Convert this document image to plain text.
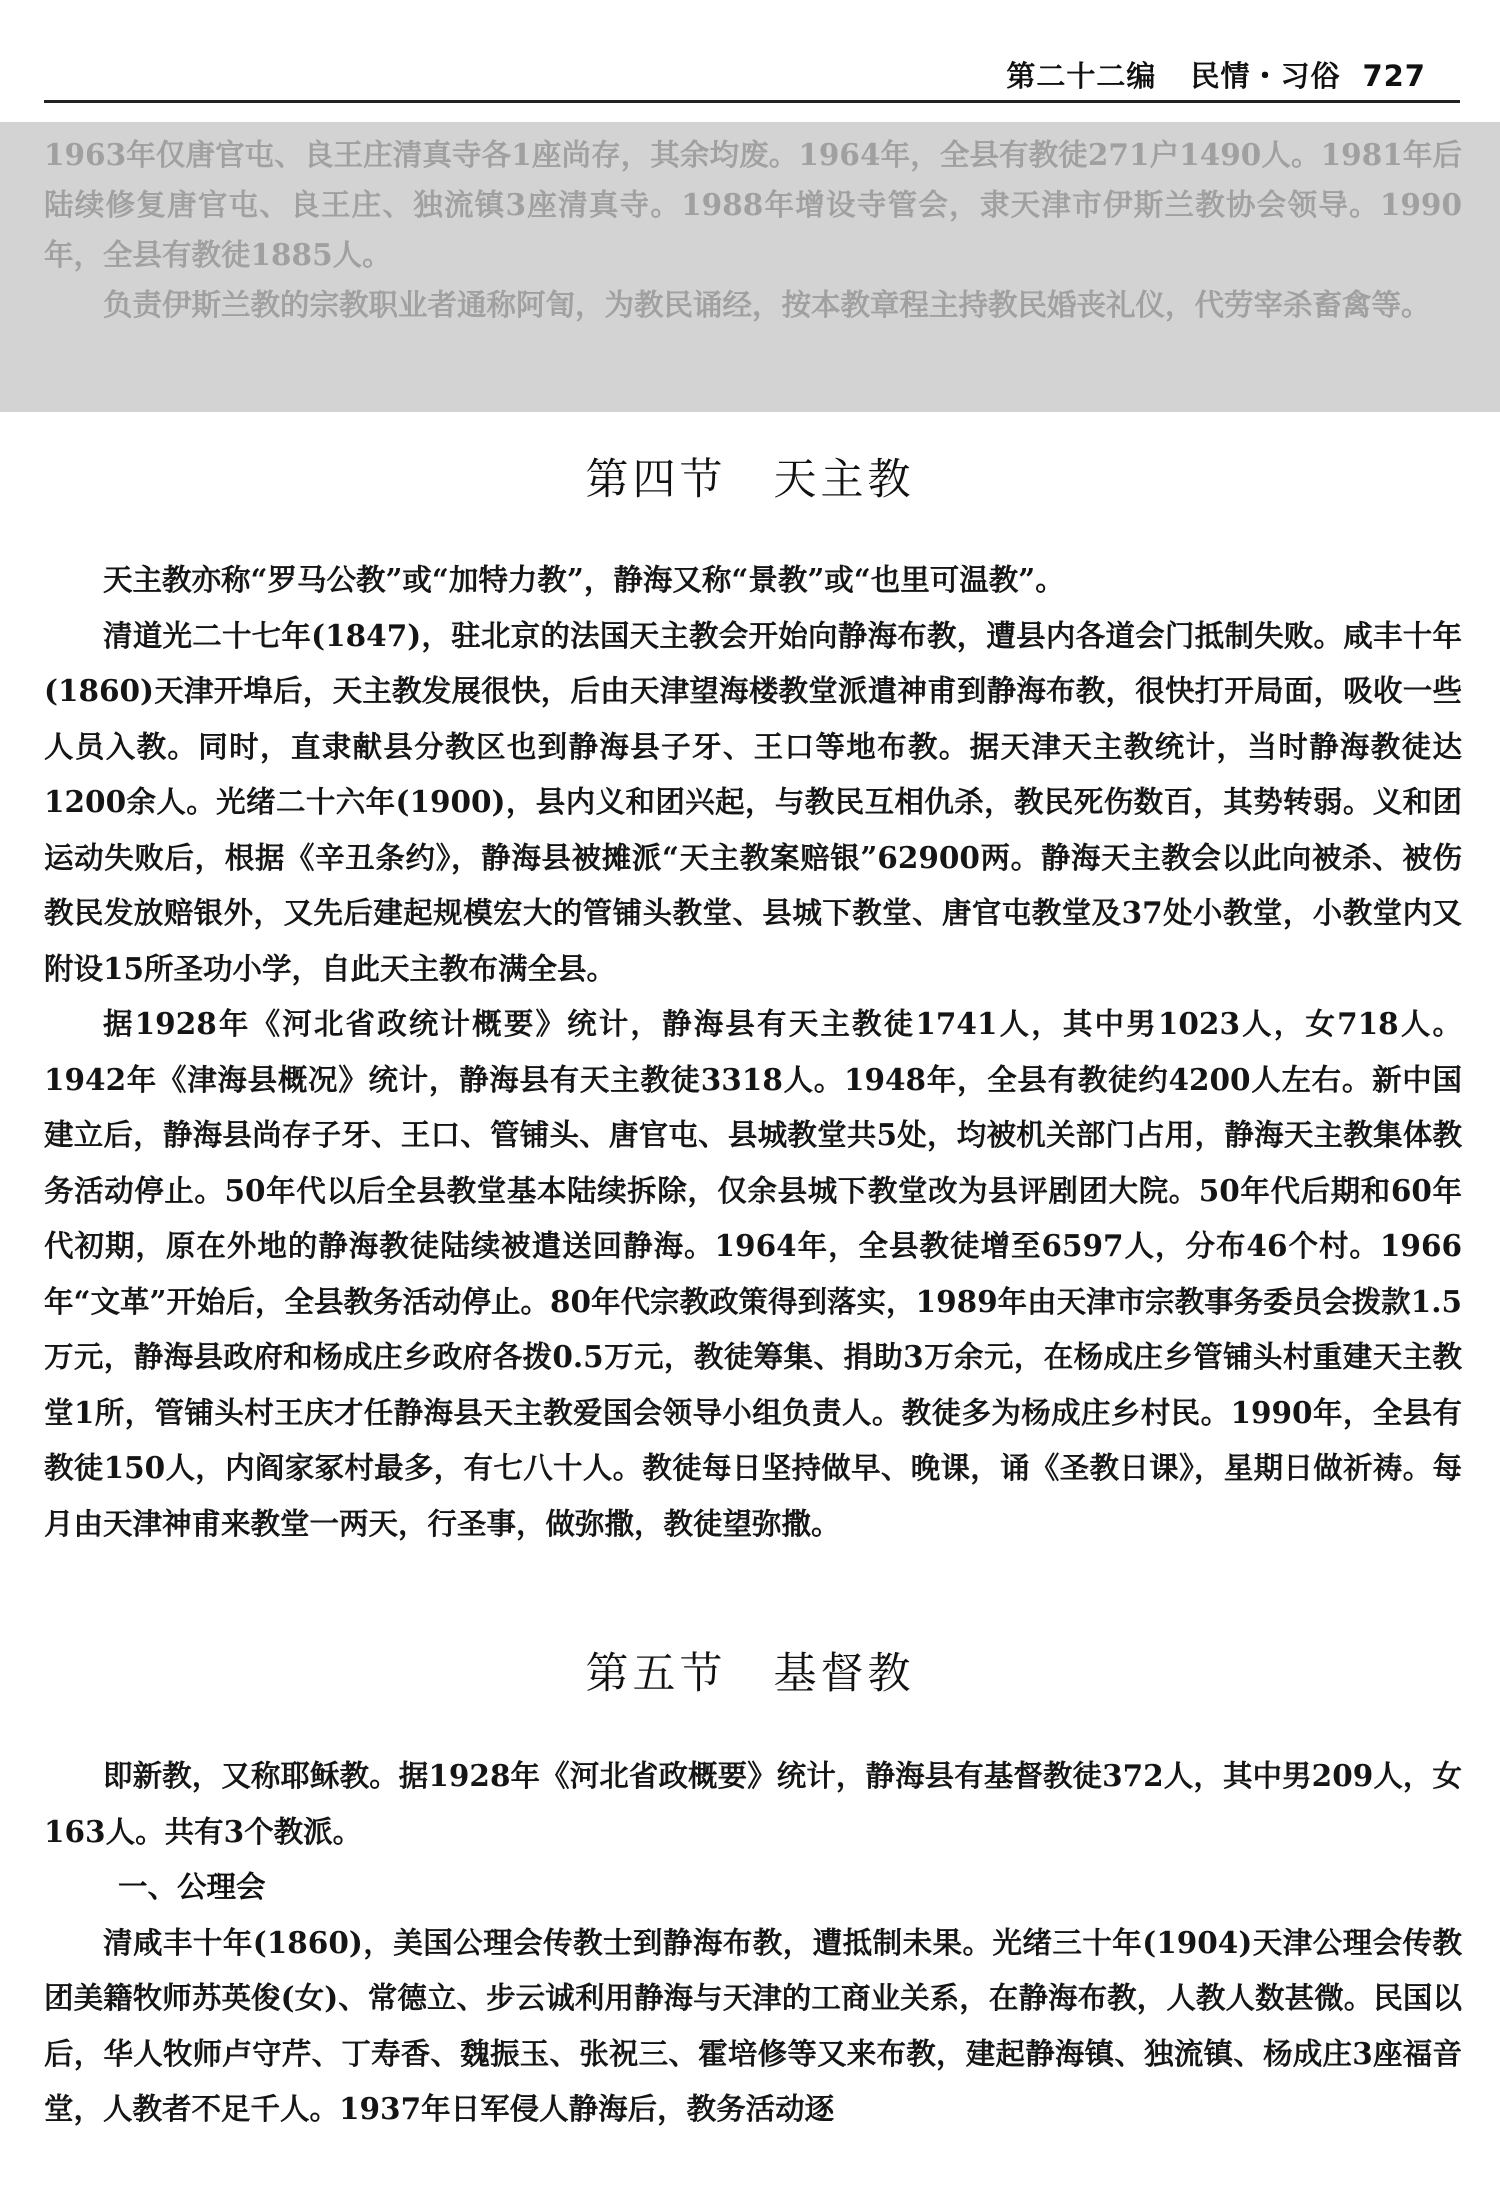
第二十二编 民情・习俗 727

1963年仅唐官屯、良王庄清真寺各1座尚存，其余均废。1964年，全县有教徒271户1490人。1981年后陆续修复唐官屯、良王庄、独流镇3座清真寺。1988年增设寺管会，隶天津市伊斯兰教协会领导。1990年，全县有教徒1885人。

负责伊斯兰教的宗教职业者通称阿訇，为教民诵经，按本教章程主持教民婚丧礼仪，代劳宰杀畜禽等。

第四节　天主教

天主教亦称“罗马公教”或“加特力教”，静海又称“景教”或“也里可温教”。

清道光二十七年(1847)，驻北京的法国天主教会开始向静海布教，遭县内各道会门抵制失败。咸丰十年(1860)天津开埠后，天主教发展很快，后由天津望海楼教堂派遣神甫到静海布教，很快打开局面，吸收一些人员入教。同时，直隶献县分教区也到静海县子牙、王口等地布教。据天津天主教统计，当时静海教徒达1200余人。光绪二十六年(1900)，县内义和团兴起，与教民互相仇杀，教民死伤数百，其势转弱。义和团运动失败后，根据《辛丑条约》，静海县被摊派“天主教案赔银”62900两。静海天主教会以此向被杀、被伤教民发放赔银外，又先后建起规模宏大的管铺头教堂、县城下教堂、唐官屯教堂及37处小教堂，小教堂内又附设15所圣功小学，自此天主教布满全县。

据1928年《河北省政统计概要》统计，静海县有天主教徒1741人，其中男1023人，女718人。1942年《津海县概况》统计，静海县有天主教徒3318人。1948年，全县有教徒约4200人左右。新中国建立后，静海县尚存子牙、王口、管铺头、唐官屯、县城教堂共5处，均被机关部门占用，静海天主教集体教务活动停止。50年代以后全县教堂基本陆续拆除，仅余县城下教堂改为县评剧团大院。50年代后期和60年代初期，原在外地的静海教徒陆续被遣送回静海。1964年，全县教徒增至6597人，分布46个村。1966年“文革”开始后，全县教务活动停止。80年代宗教政策得到落实，1989年由天津市宗教事务委员会拨款1.5万元，静海县政府和杨成庄乡政府各拨0.5万元，教徒筹集、捐助3万余元，在杨成庄乡管铺头村重建天主教堂1所，管铺头村王庆才任静海县天主教爱国会领导小组负责人。教徒多为杨成庄乡村民。1990年，全县有教徒150人，内阎家冢村最多，有七八十人。教徒每日坚持做早、晚课，诵《圣教日课》，星期日做祈祷。每月由天津神甫来教堂一两天，行圣事，做弥撒，教徒望弥撒。

第五节　基督教

即新教，又称耶稣教。据1928年《河北省政概要》统计，静海县有基督教徒372人，其中男209人，女163人。共有3个教派。

一、公理会

清咸丰十年(1860)，美国公理会传教士到静海布教，遭抵制未果。光绪三十年(1904)天津公理会传教团美籍牧师苏英俊(女)、常德立、步云诚利用静海与天津的工商业关系，在静海布教，人教人数甚微。民国以后，华人牧师卢守芹、丁寿香、魏振玉、张祝三、霍培修等又来布教，建起静海镇、独流镇、杨成庄3座福音堂，人教者不足千人。1937年日军侵人静海后，教务活动逐
